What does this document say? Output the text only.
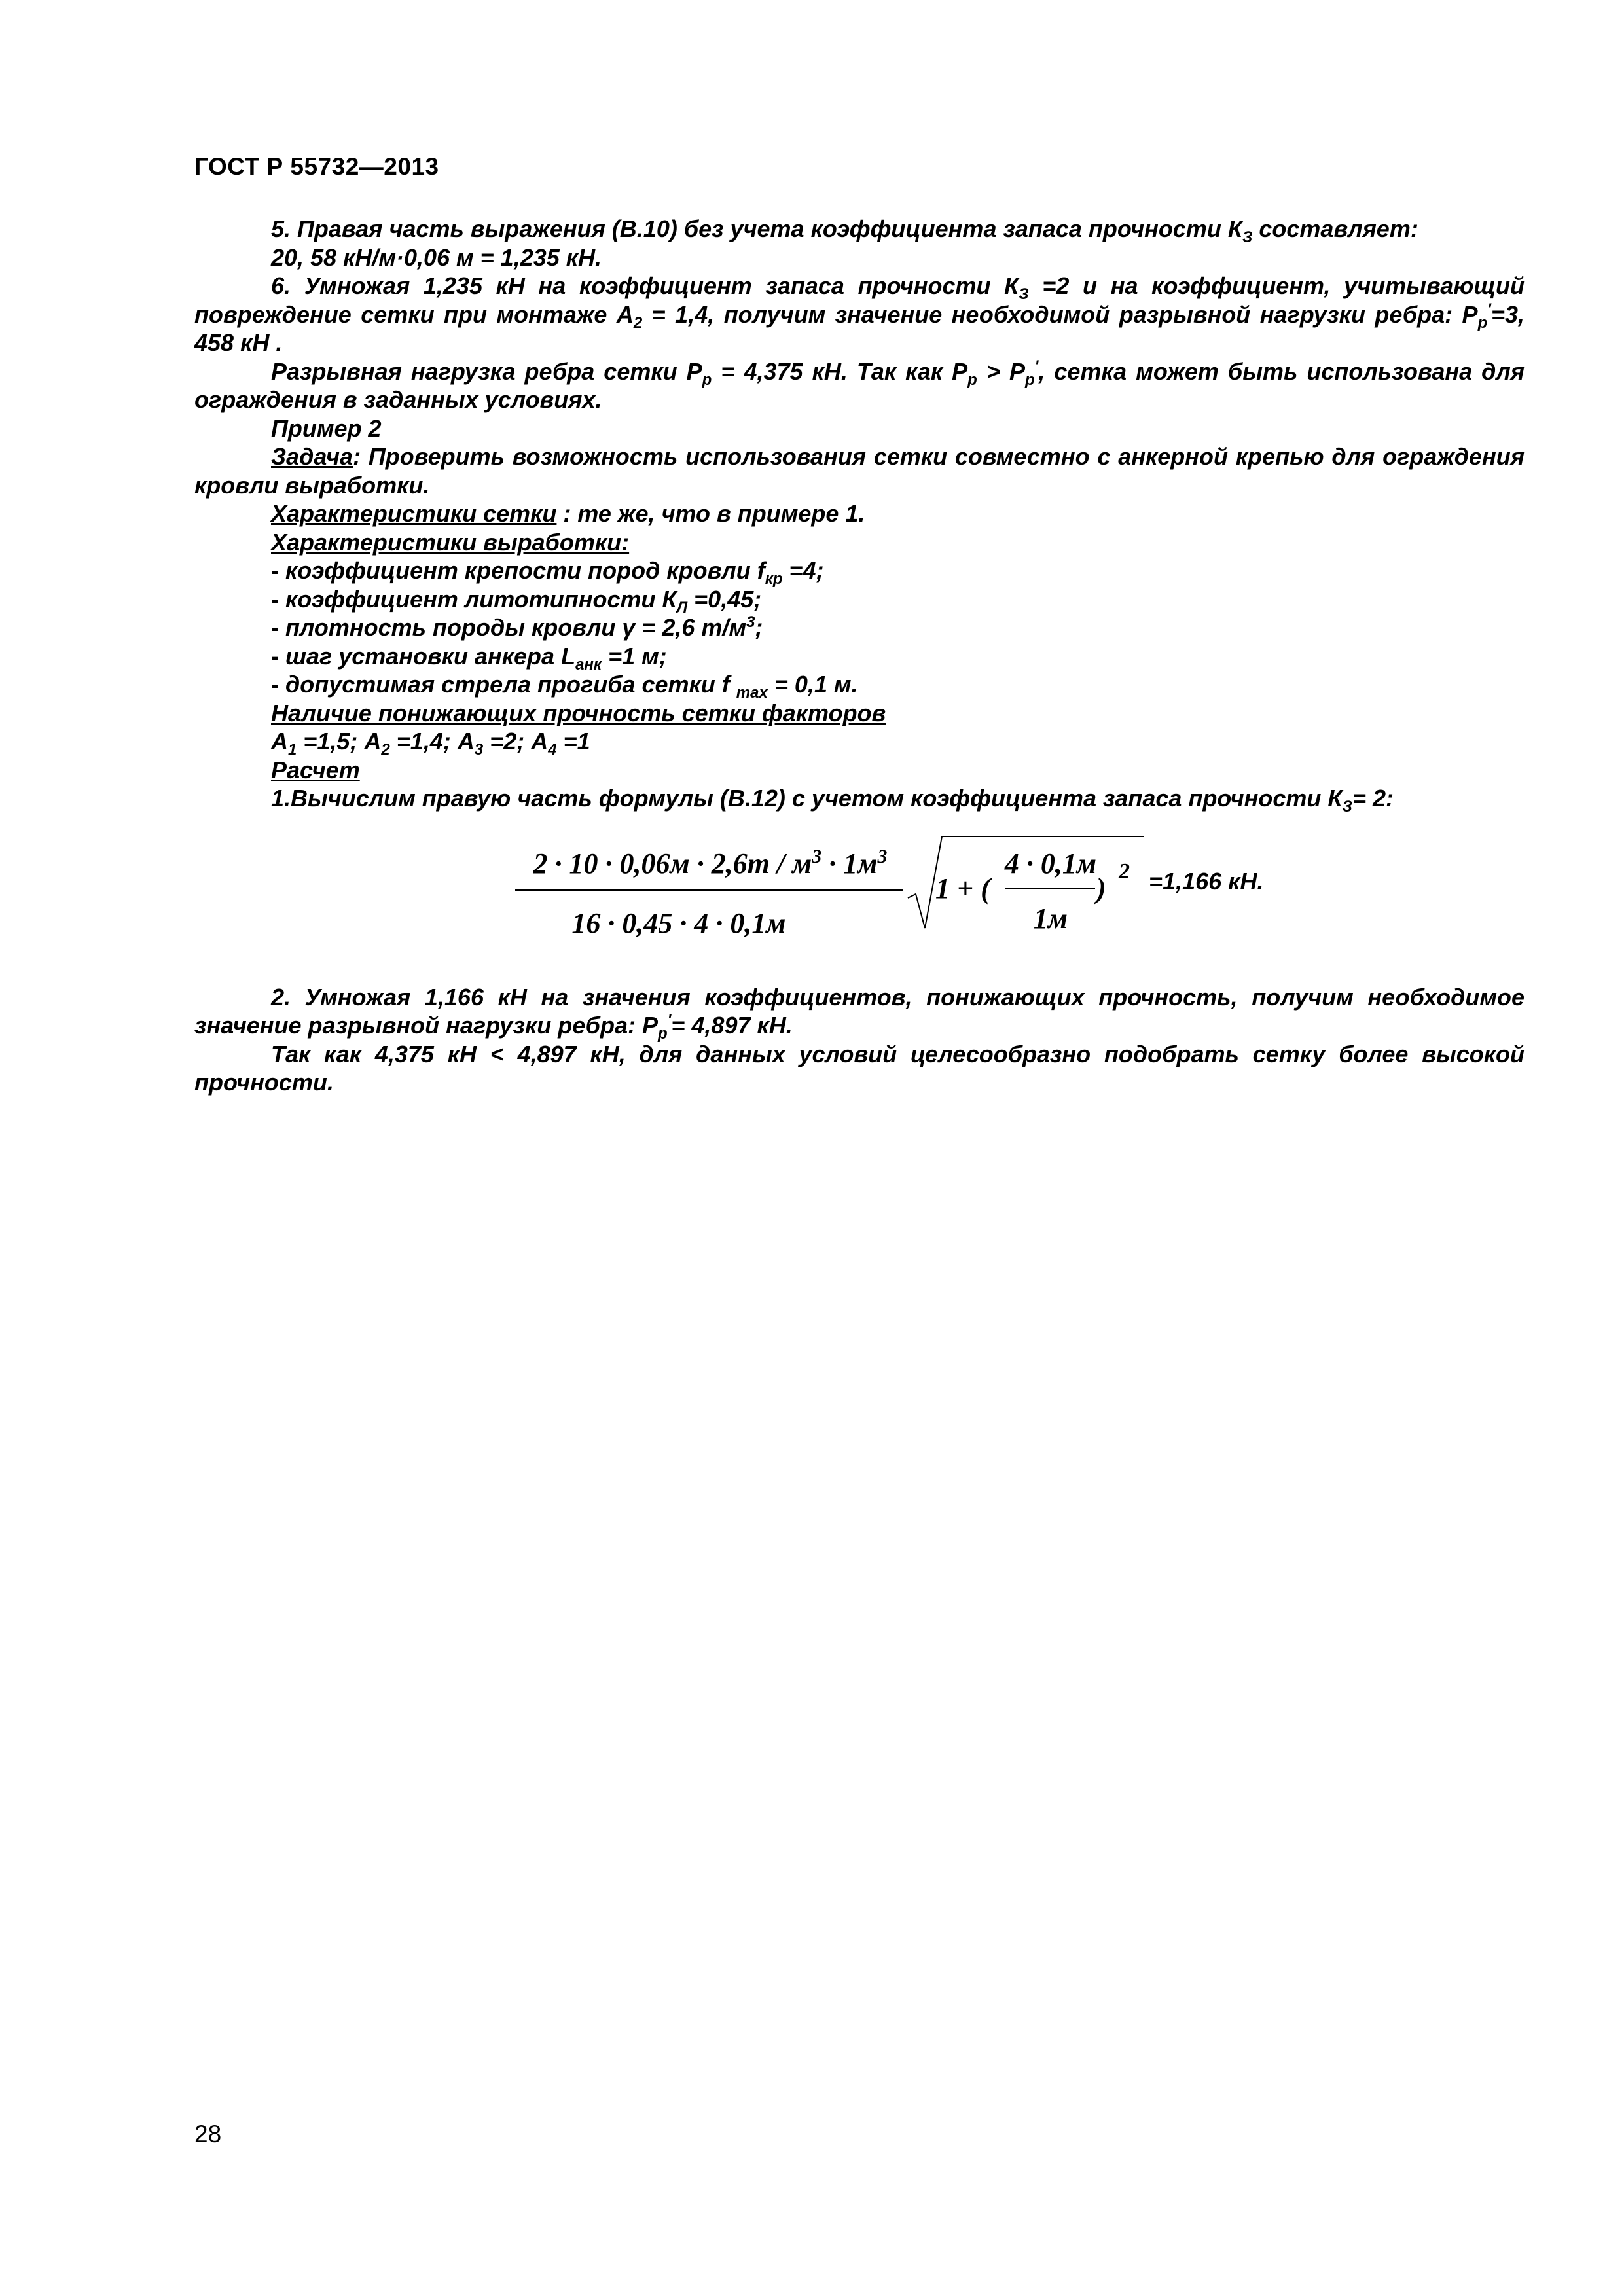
ГОСТ Р 55732—2013

5. Правая часть выражения (В.10) без учета коэффициента запаса прочности $К_З$ составляет:

20, 58 кН/м·0,06 м = 1,235 кН.

6. Умножая 1,235 кН на коэффициент запаса прочности $К_З =2$ и на коэффициент, учитывающий повреждение сетки при монтаже $А_2 = 1,4$, получим значение необходимой разрывной нагрузки ребра: $Р_р'=3$, 458 кН .

Разрывная нагрузка ребра сетки $Р_р = 4,375$ кН. Так как $Р_р > Р_р'$, сетка может быть использована для ограждения в заданных условиях.

Пример 2

Задача: Проверить возможность использования сетки совместно с анкерной крепью для ограждения кровли выработки.

Характеристики сетки : те же, что в примере 1.

Характеристики выработки:

- коэффициент крепости пород кровли $f_{кр} =4$;

- коэффициент литотипности $К_Л =0,45$;

- плотность породы кровли γ = 2,6 $т/м^3$;

- шаг установки анкера $L_{анк} =1$ м;

- допустимая стрела прогиба сетки f $_{max}$ = 0,1 м.

Наличие понижающих прочность сетки факторов

$А_1 =1,5$; $А_2 =1,4$; $А_3 =2$; $А_4 =1$

Расчет

1.Вычислим правую часть формулы (В.12) с учетом коэффициента запаса прочности $К_З= 2$:

$2 \cdot 10 \cdot 0,06м \cdot 2,6т / м^3 \cdot 1м^3$
16 · 0,45 · 4 · 0,1м
1 + (
4 · 0,1м
1м
)
2 =1,166 кН.

2. Умножая 1,166 кН на значения коэффициентов, понижающих прочность, получим необходимое значение разрывной нагрузки ребра: $Р_р'= 4,897$ кН.

Так как 4,375 кН < 4,897 кН, для данных условий целесообразно подобрать сетку более высокой прочности.

28
